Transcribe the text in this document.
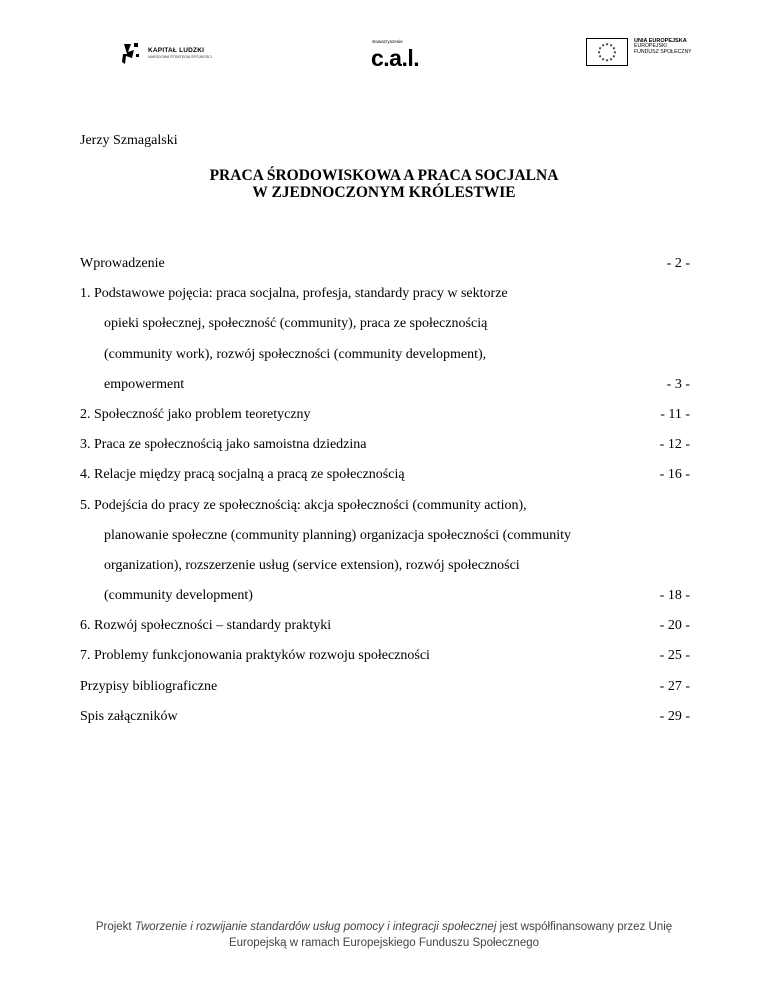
KAPITAŁ LUDZKI
NARODOWA STRATEGIA SPÓJNOŚCI
stowarzyszenie
c.a.l.	★
★
★
★
★
★
★
★
★ ★ ★
★
UNIA EUROPEJSKA
EUROPEJSKI
FUNDUSZ SPOŁECZNY
Jerzy Szmagalski
PRACA ŚRODOWISKOWA A PRACA SOCJALNA
W ZJEDNOCZONYM KRÓLESTWIE
Wprowadzenie	- 2 -
1. Podstawowe pojęcia: praca socjalna, profesja, standardy pracy w sektorze
opieki społecznej, społeczność (community), praca ze społecznością
(community work), rozwój społeczności (community development),
empowerment	- 3 -
2. Społeczność jako problem teoretyczny	- 11 -
3. Praca ze społecznością jako samoistna dziedzina	- 12 -
4. Relacje między pracą socjalną a pracą ze społecznością	- 16 -
5. Podejścia do pracy ze społecznością: akcja społeczności (community action),
planowanie społeczne (community planning) organizacja społeczności (community
organization), rozszerzenie usług (service extension), rozwój społeczności
(community development)	- 18 -
6. Rozwój społeczności – standardy praktyki	- 20 -
7. Problemy funkcjonowania praktyków rozwoju społeczności	- 25 -
Przypisy bibliograficzne	- 27 -
Spis załączników	- 29 -
Projekt Tworzenie i rozwijanie standardów usług pomocy i integracji społecznej jest współfinansowany przez Unię
Europejską w ramach Europejskiego Funduszu Społecznego
